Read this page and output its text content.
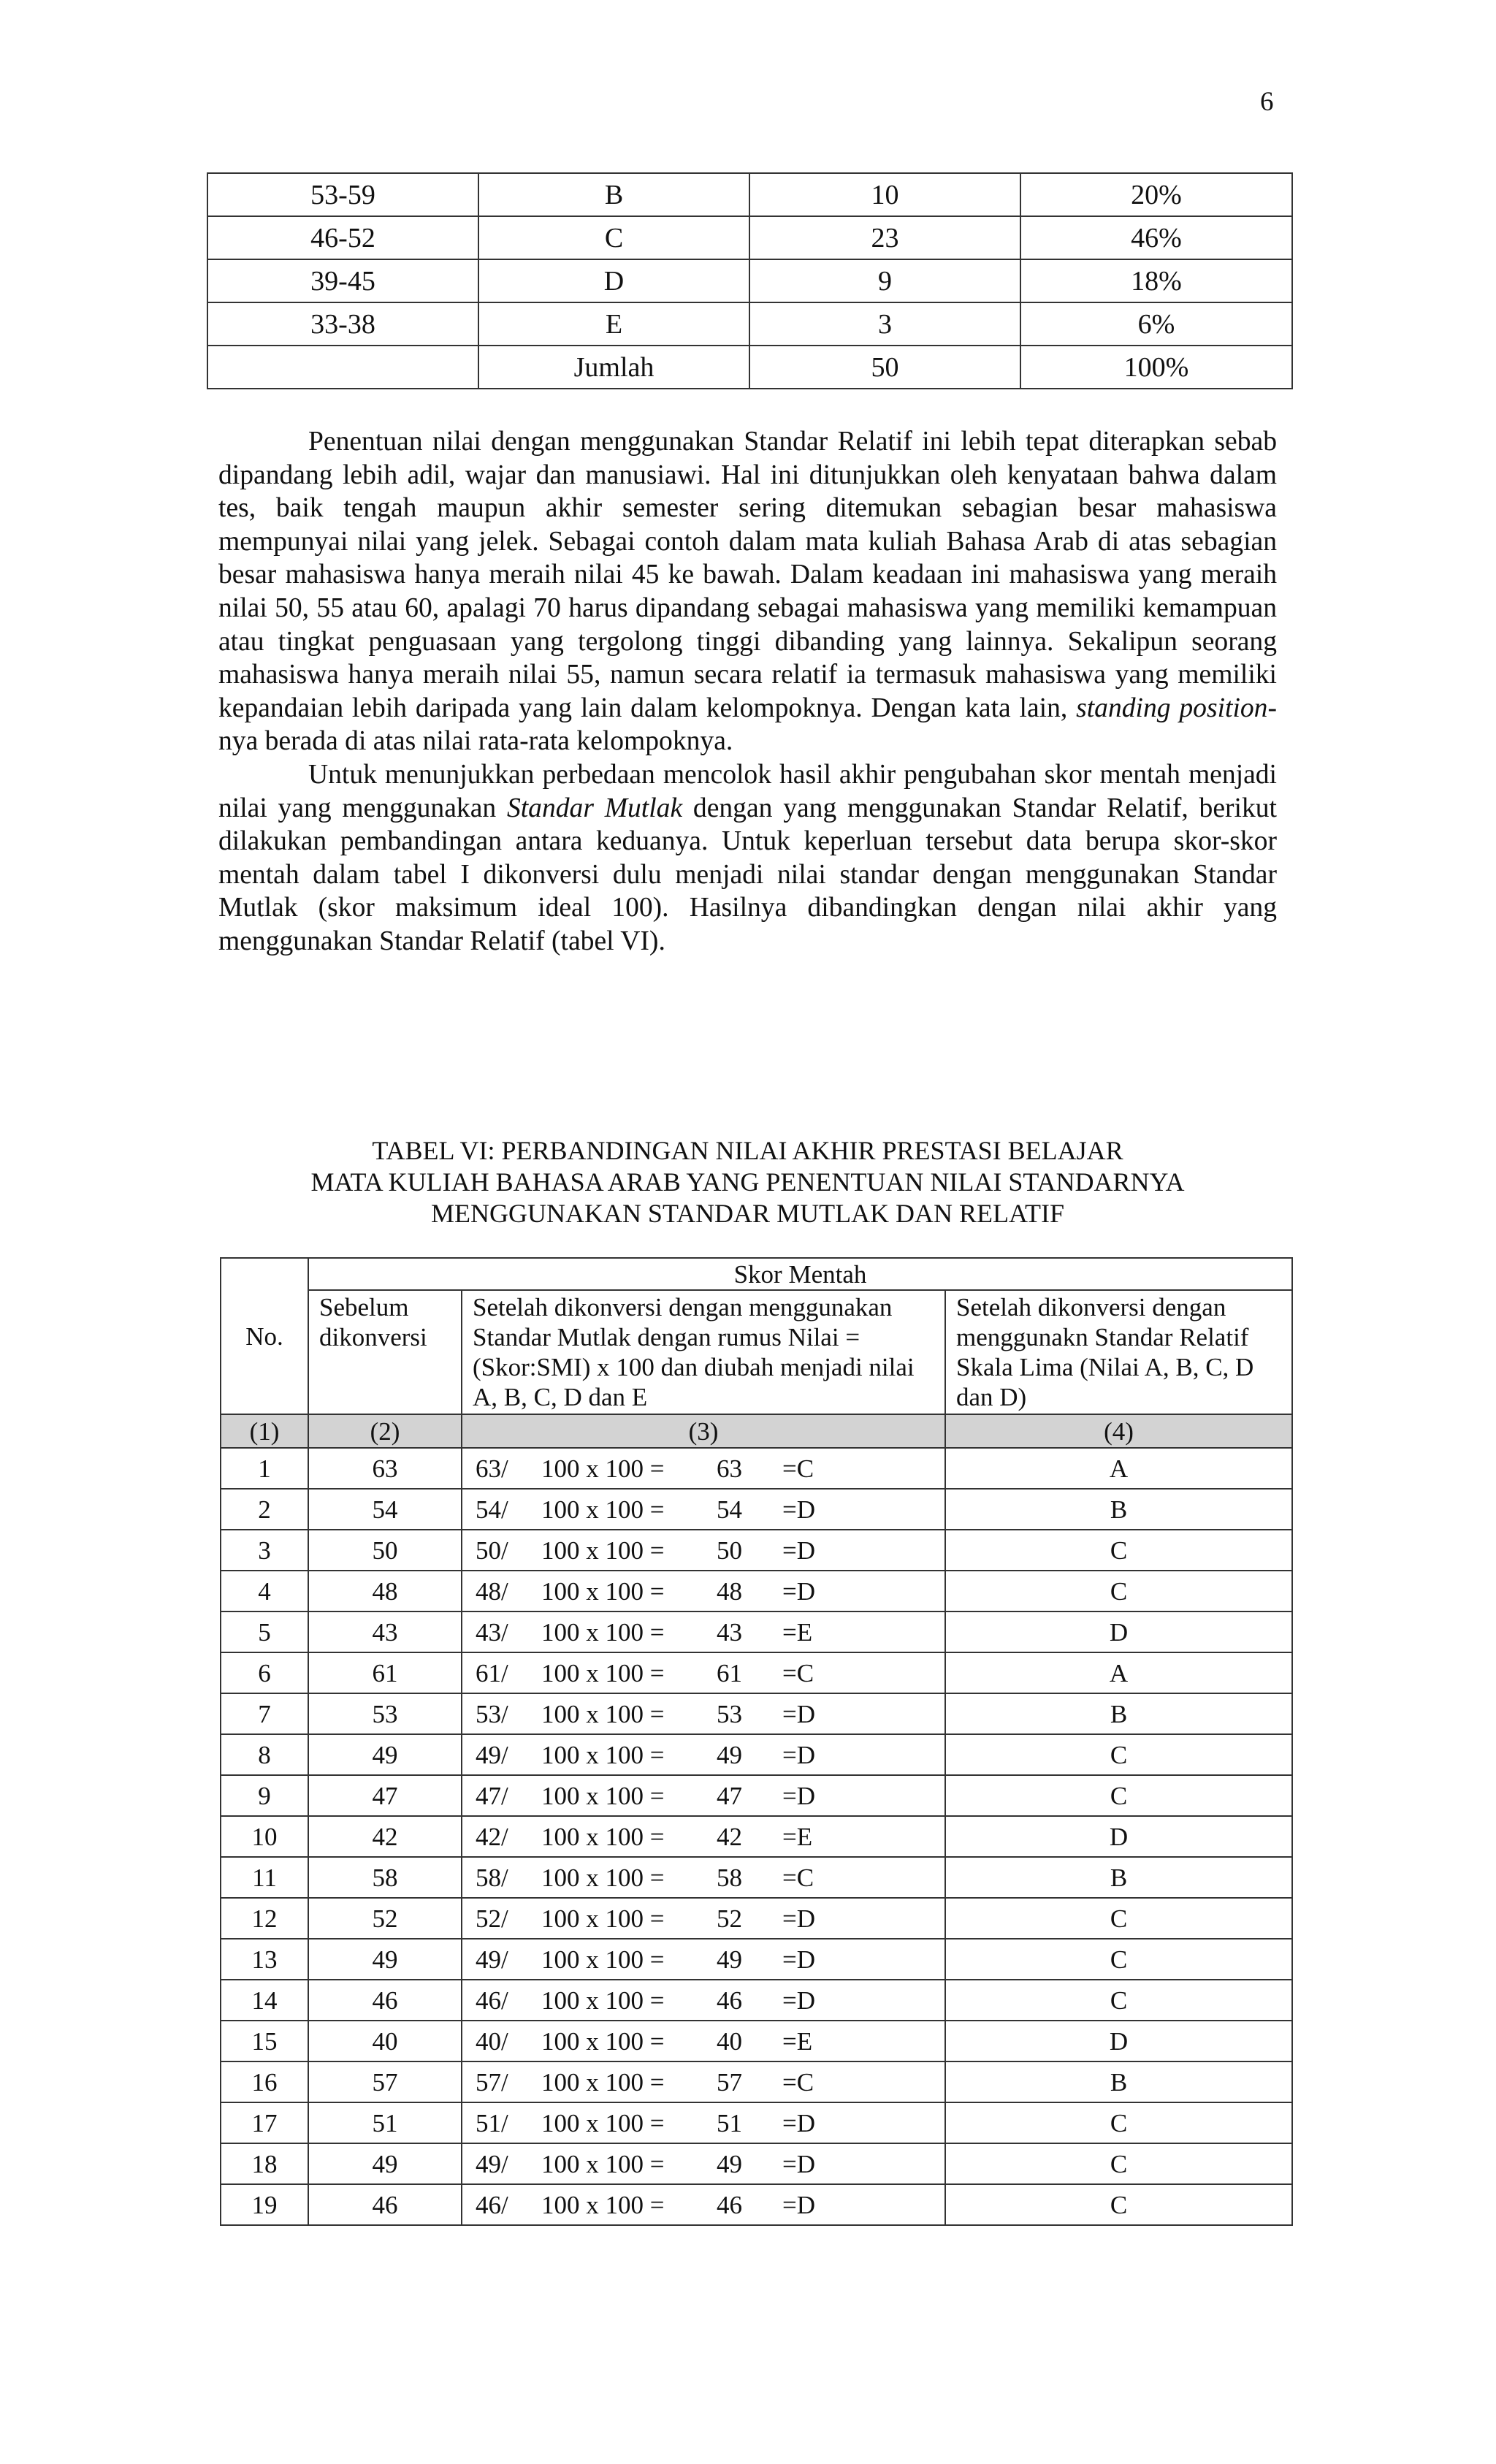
6
53-59	B	10	20%
46-52	C	23	46%
39-45	D	9	18%
33-38	E	3	6%
	Jumlah	50	100%

Penentuan nilai dengan menggunakan Standar Relatif ini lebih tepat diterapkan sebab dipandang lebih adil, wajar dan manusiawi. Hal ini ditunjukkan oleh kenyataan bahwa dalam tes, baik tengah maupun akhir semester sering ditemukan sebagian besar mahasiswa mempunyai nilai yang jelek. Sebagai contoh dalam mata kuliah Bahasa Arab di atas sebagian besar mahasiswa hanya meraih nilai 45 ke bawah. Dalam keadaan ini mahasiswa yang meraih nilai 50, 55 atau 60, apalagi 70 harus dipandang sebagai mahasiswa yang memiliki kemampuan atau tingkat penguasaan yang tergolong tinggi dibanding yang lainnya. Sekalipun seorang mahasiswa hanya meraih nilai 55, namun secara relatif ia termasuk mahasiswa yang memiliki kepandaian lebih daripada yang lain dalam kelompoknya. Dengan kata lain, standing position-nya berada di atas nilai rata-rata kelompoknya.

Untuk menunjukkan perbedaan mencolok hasil akhir pengubahan skor mentah menjadi nilai yang menggunakan Standar Mutlak dengan yang menggunakan Standar Relatif, berikut dilakukan pembandingan antara keduanya. Untuk keperluan tersebut data berupa skor-skor mentah dalam tabel I dikonversi dulu menjadi nilai standar dengan menggunakan Standar Mutlak (skor maksimum ideal 100). Hasilnya dibandingkan dengan nilai akhir yang menggunakan Standar Relatif (tabel VI).

TABEL VI: PERBANDINGAN NILAI AKHIR PRESTASI BELAJAR
MATA KULIAH BAHASA ARAB YANG PENENTUAN NILAI STANDARNYA
MENGGUNAKAN STANDAR MUTLAK DAN RELATIF
No.	Skor Mentah		
	Sebelum dikonversi	Setelah dikonversi dengan menggunakan Standar Mutlak dengan rumus Nilai = (Skor:SMI) x 100 dan diubah menjadi nilai A, B, C, D dan E	Setelah dikonversi dengan menggunakn Standar Relatif Skala Lima (Nilai A, B, C, D dan D)
(1)	(2)	(3)	(4)
1	63	63/ 100 x 100 = 63 =C	A
2	54	54/ 100 x 100 = 54 =D	B
3	50	50/ 100 x 100 = 50 =D	C
4	48	48/ 100 x 100 = 48 =D	C
5	43	43/ 100 x 100 = 43 =E	D
6	61	61/ 100 x 100 = 61 =C	A
7	53	53/ 100 x 100 = 53 =D	B
8	49	49/ 100 x 100 = 49 =D	C
9	47	47/ 100 x 100 = 47 =D	C
10	42	42/ 100 x 100 = 42 =E	D
11	58	58/ 100 x 100 = 58 =C	B
12	52	52/ 100 x 100 = 52 =D	C
13	49	49/ 100 x 100 = 49 =D	C
14	46	46/ 100 x 100 = 46 =D	C
15	40	40/ 100 x 100 = 40 =E	D
16	57	57/ 100 x 100 = 57 =C	B
17	51	51/ 100 x 100 = 51 =D	C
18	49	49/ 100 x 100 = 49 =D	C
19	46	46/ 100 x 100 = 46 =D	C
